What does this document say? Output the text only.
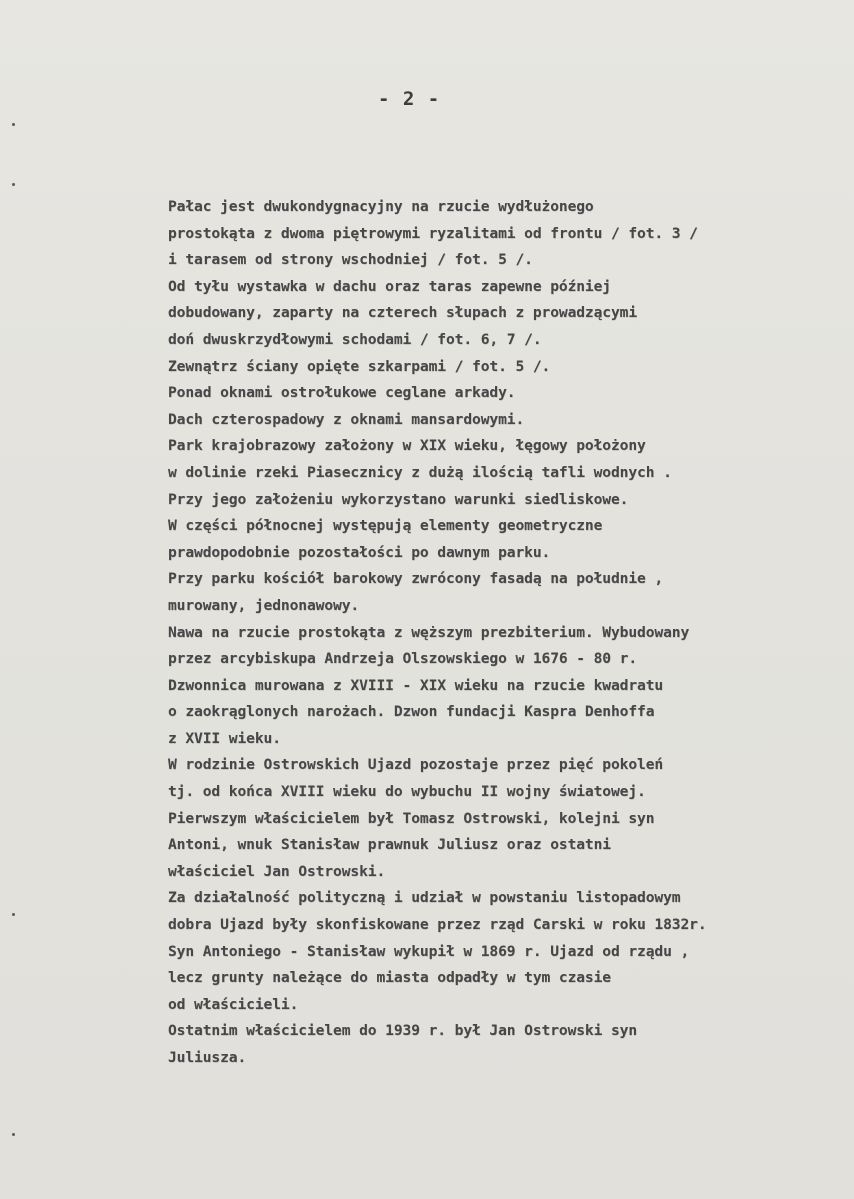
- 2 -
Pałac jest dwukondygnacyjny na rzucie wydłużonego
prostokąta z dwoma piętrowymi ryzalitami od frontu / fot. 3 /
i tarasem od strony wschodniej / fot. 5 /.
Od tyłu wystawka w dachu oraz taras zapewne później
dobudowany, zaparty na czterech słupach z prowadzącymi
doń dwuskrzydłowymi schodami / fot. 6, 7 /.
Zewnątrz ściany opięte szkarpami / fot. 5 /.
Ponad oknami ostrołukowe ceglane arkady.
Dach czterospadowy z oknami mansardowymi.
Park krajobrazowy założony w XIX wieku, łęgowy położony
w dolinie rzeki Piasecznicy z dużą ilością tafli wodnych .
Przy jego założeniu wykorzystano warunki siedliskowe.
W części północnej występują elementy geometryczne
prawdopodobnie pozostałości po dawnym parku.
Przy parku kościół barokowy zwrócony fasadą na południe ,
murowany, jednonawowy.
Nawa na rzucie prostokąta z węższym prezbiterium. Wybudowany
przez arcybiskupa Andrzeja Olszowskiego w 1676 - 80 r.
Dzwonnica murowana z XVIII - XIX wieku na rzucie kwadratu
o zaokrąglonych narożach. Dzwon fundacji Kaspra Denhoffa
z XVII wieku.
W rodzinie Ostrowskich Ujazd pozostaje przez pięć pokoleń
tj. od końca XVIII wieku do wybuchu II wojny światowej.
Pierwszym właścicielem był Tomasz Ostrowski, kolejni syn
Antoni, wnuk Stanisław prawnuk Juliusz oraz ostatni
właściciel Jan Ostrowski.
Za działalność polityczną i udział w powstaniu listopadowym
dobra Ujazd były skonfiskowane przez rząd Carski w roku 1832r.
Syn Antoniego - Stanisław wykupił w 1869 r. Ujazd od rządu ,
lecz grunty należące do miasta odpadły w tym czasie
od właścicieli.
Ostatnim właścicielem do 1939 r. był Jan Ostrowski syn
Juliusza.
